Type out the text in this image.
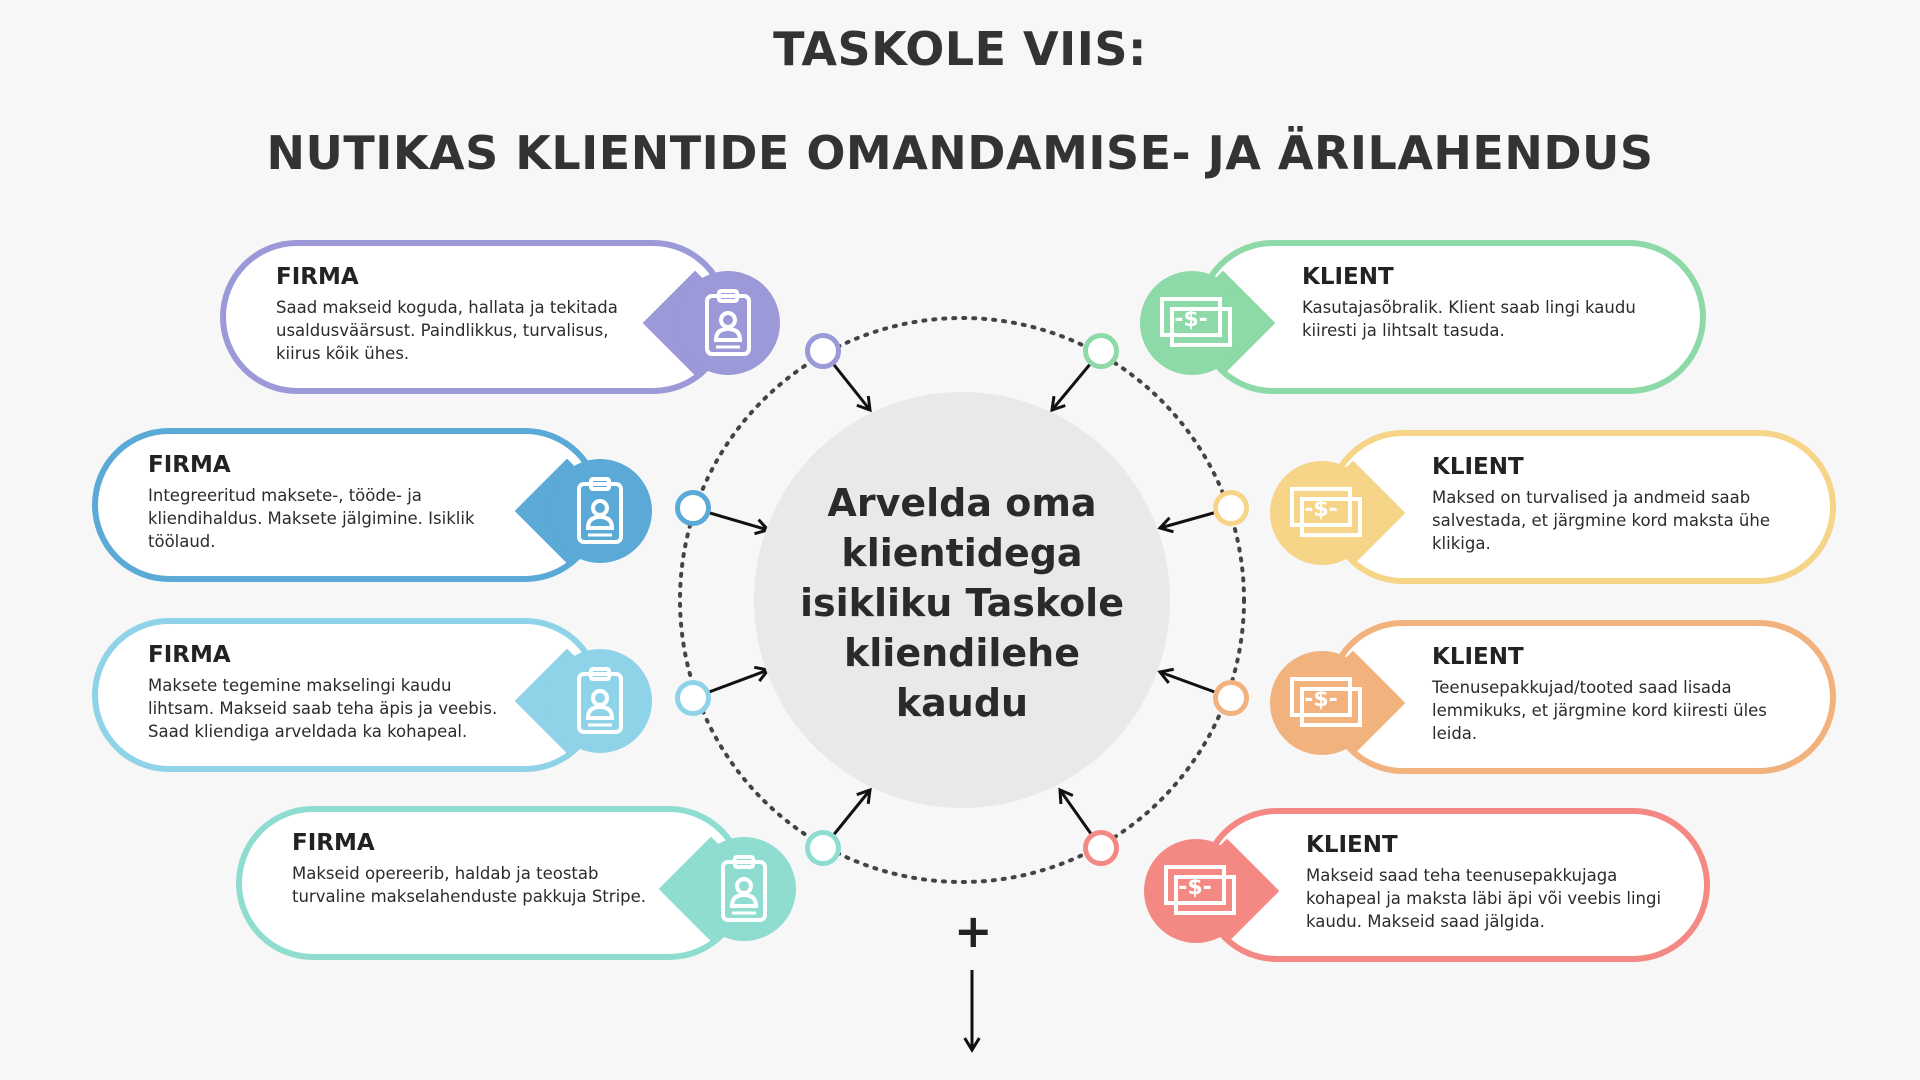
TASKOLE VIIS:
NUTIKAS KLIENTIDE OMANDAMISE- JA ÄRILAHENDUS
Arvelda oma klientidega isikliku Taskole kliendilehe kaudu
FIRMA
Saad makseid koguda, hallata ja tekitada usaldusväärsust. Paindlikkus, turvalisus, kiirus kõik ühes.
FIRMA
Integreeritud maksete-, tööde- ja kliendihaldus. Maksete jälgimine. Isiklik töölaud.
FIRMA
Maksete tegemine makselingi kaudu lihtsam. Makseid saab teha äpis ja veebis. Saad kliendiga arveldada ka kohapeal.
FIRMA
Makseid opereerib, haldab ja teostab turvaline makselahenduste pakkuja Stripe.
KLIENT
Kasutajasõbralik. Klient saab lingi kaudu kiiresti ja lihtsalt tasuda.
KLIENT
Maksed on turvalised ja andmeid saab salvestada, et järgmine kord maksta ühe klikiga.
KLIENT
Teenusepakkujad/tooted saad lisada lemmikuks, et järgmine kord kiiresti üles leida.
KLIENT
Makseid saad teha teenusepakkujaga kohapeal ja maksta läbi äpi või veebis lingi kaudu. Makseid saad jälgida.
-$-
-$-
-$-
-$-
+
